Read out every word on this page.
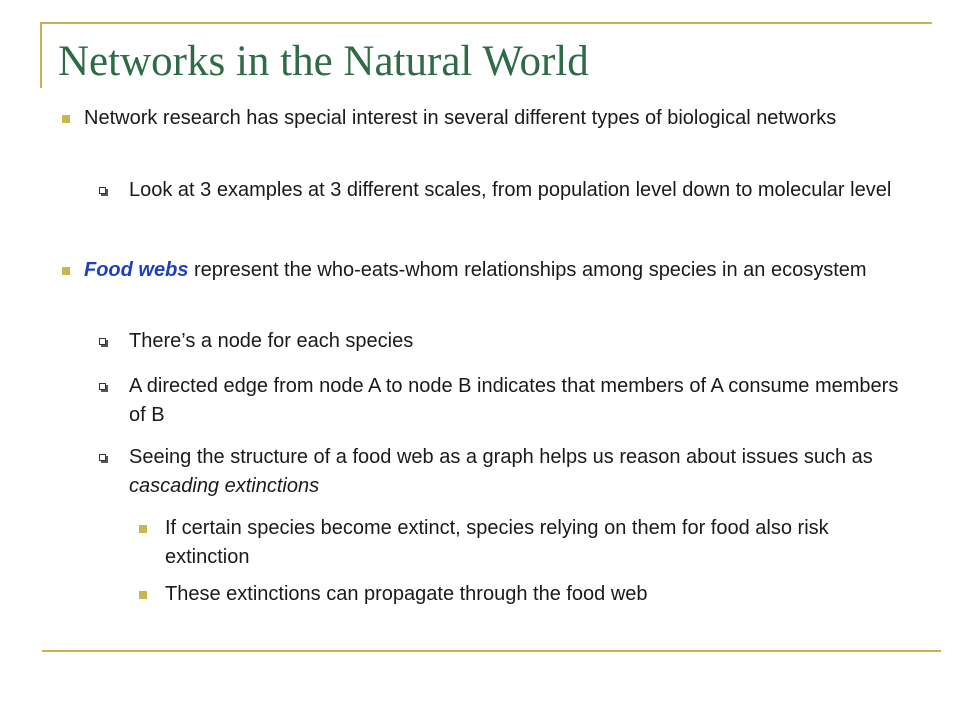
Networks in the Natural World
Network research has special interest in several different types of biological networks
Look at 3 examples at 3 different scales, from population level down to molecular level
Food webs represent the who-eats-whom relationships among species in an ecosystem
There’s a node for each species
A directed edge from node A to node B indicates that members of A consume members of B
Seeing the structure of a food web as a graph helps us reason about issues such as cascading extinctions
If certain species become extinct, species relying on them for food also risk extinction
These extinctions can propagate through the food web
